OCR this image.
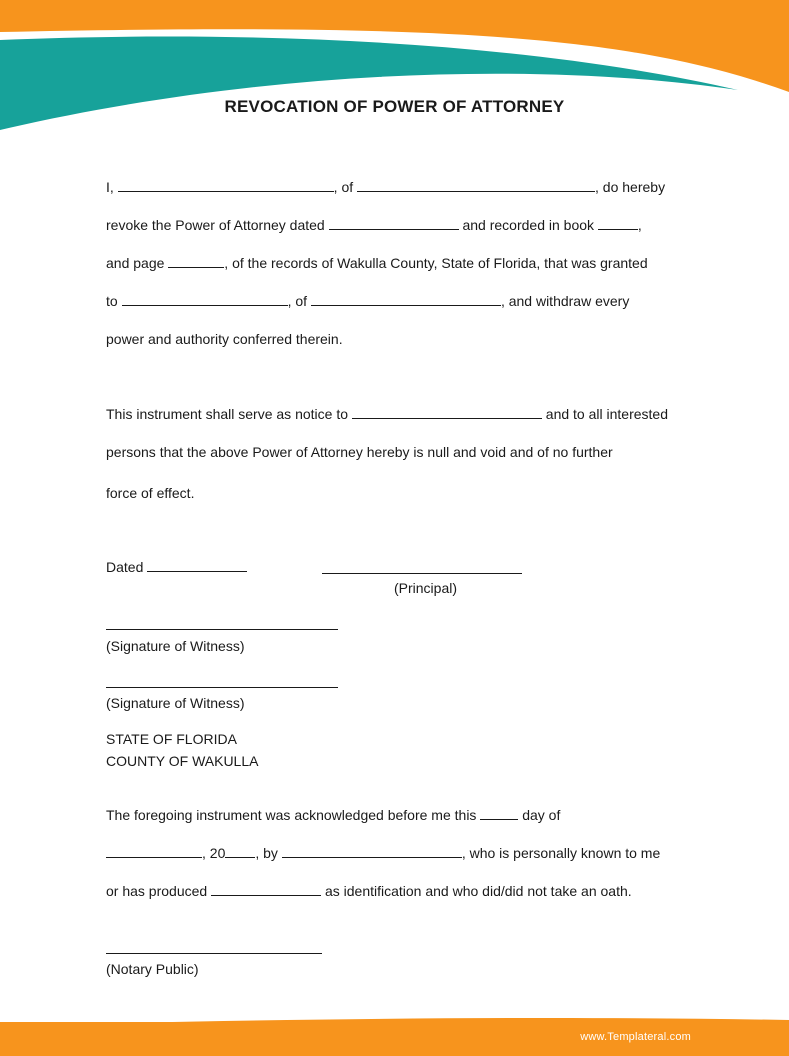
REVOCATION OF POWER OF ATTORNEY
I,	, of	, do hereby
revoke the Power of Attorney dated	and recorded in book	,
and page	, of the records of Wakulla County, State of Florida, that was granted
to	, of	, and withdraw every
power and authority conferred therein.
This instrument shall serve as notice to	and to all interested
persons that the above Power of Attorney hereby is null and void and of no further
force of effect.
Dated
(Principal)
(Signature of Witness)
(Signature of Witness)
STATE OF FLORIDA
COUNTY OF WAKULLA
The foregoing instrument was acknowledged before me this	day of
, 20 , by	, who is personally known to me
or has produced	as identification and who did/did not take an oath.
(Notary Public)
www.Templateral.com
